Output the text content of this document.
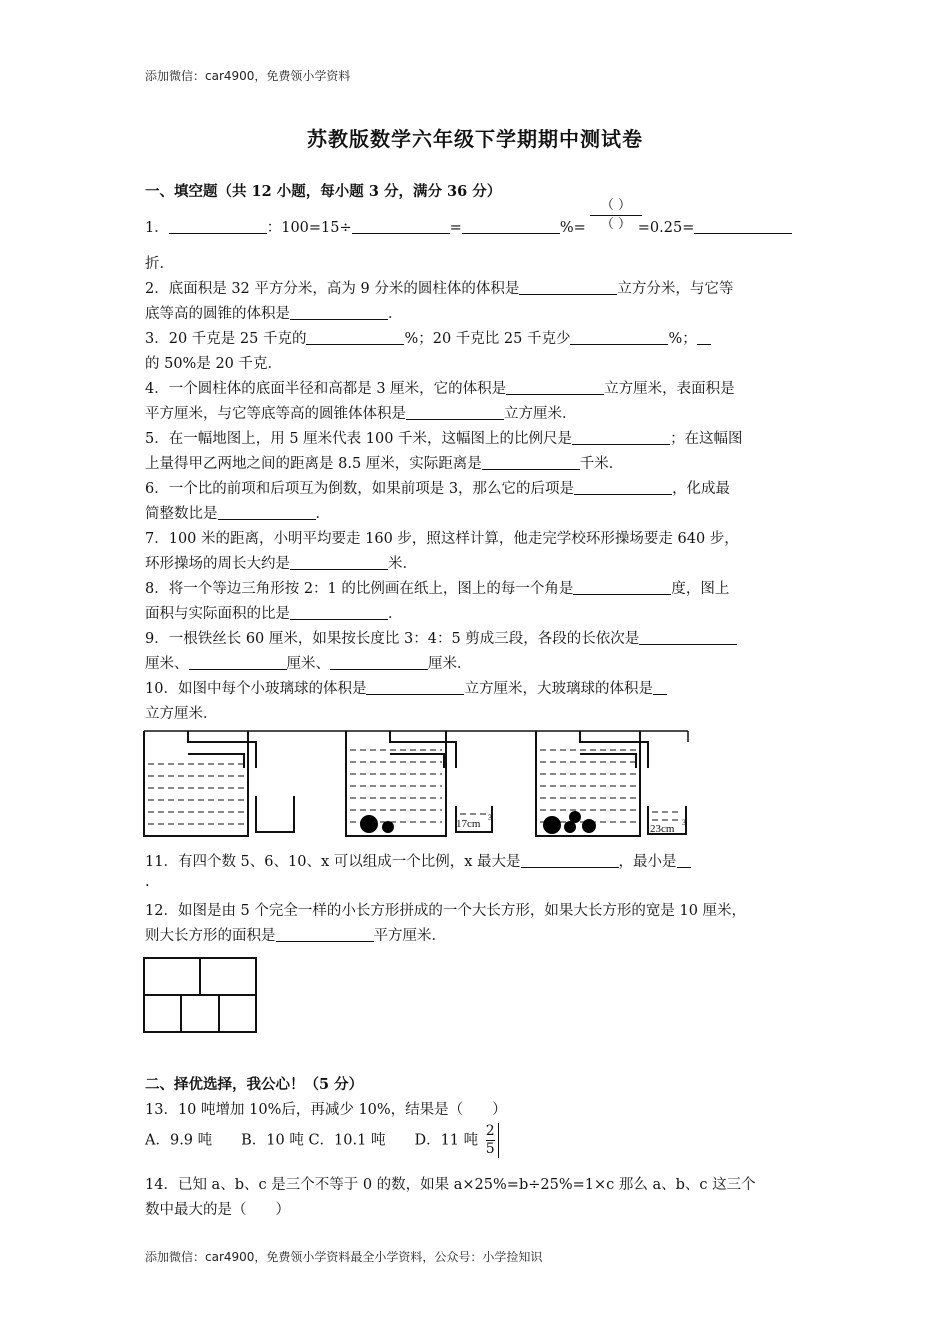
添加微信：car4900，免费领小学资料
苏教版数学六年级下学期期中测试卷
一、填空题（共 12 小题，每小题 3 分，满分 36 分）
1．	：100=15÷	=	%=	=0.25=
（ ）
（ ）
折．
2．底面积是 32 平方分米，高为 9 分米的圆柱体的体积是	立方分米，与它等
底等高的圆锥的体积是	．
3．20 千克是 25 千克的	%；20 千克比 25 千克少	%；
的 50%是 20 千克．
4．一个圆柱体的底面半径和高都是 3 厘米，它的体积是	立方厘米，表面积是
平方厘米，与它等底等高的圆锥体体积是	立方厘米．
5．在一幅地图上，用 5 厘米代表 100 千米，这幅图上的比例尺是	；在这幅图
上量得甲乙两地之间的距离是 8.5 厘米，实际距离是	千米．
6．一个比的前项和后项互为倒数，如果前项是 3，那么它的后项是	，化成最
简整数比是	．
7．100 米的距离，小明平均要走 160 步，照这样计算，他走完学校环形操场要走 640 步，
环形操场的周长大约是	米．
8．将一个等边三角形按 2：1 的比例画在纸上，图上的每一个角是	度，图上
面积与实际面积的比是	．
9．一根铁丝长 60 厘米，如果按长度比 3：4：5 剪成三段，各段的长依次是
厘米、	厘米、	厘米．
10．如图中每个小玻璃球的体积是	立方厘米，大玻璃球的体积是
立方厘米．
17cm
3
23cm
3
11．有四个数 5、6、10、x 可以组成一个比例，x 最大是	，最小是
.
12．如图是由 5 个完全一样的小长方形拼成的一个大长方形，如果大长方形的宽是 10 厘米，
则大长方形的面积是	平方厘米．
二、择优选择，我公心！（5 分）
13．10 吨增加 10%后，再减少 10%，结果是（　　）
A．9.9 吨　　B．10 吨 C．10.1 吨　　D．11 吨 $\frac{2}{5}$
14．已知 a、b、c 是三个不等于 0 的数，如果 a×25%=b÷25%=1×c 那么 a、b、c 这三个
数中最大的是（　　）
添加微信：car4900，免费领小学资料最全小学资料，公众号：小学捡知识
